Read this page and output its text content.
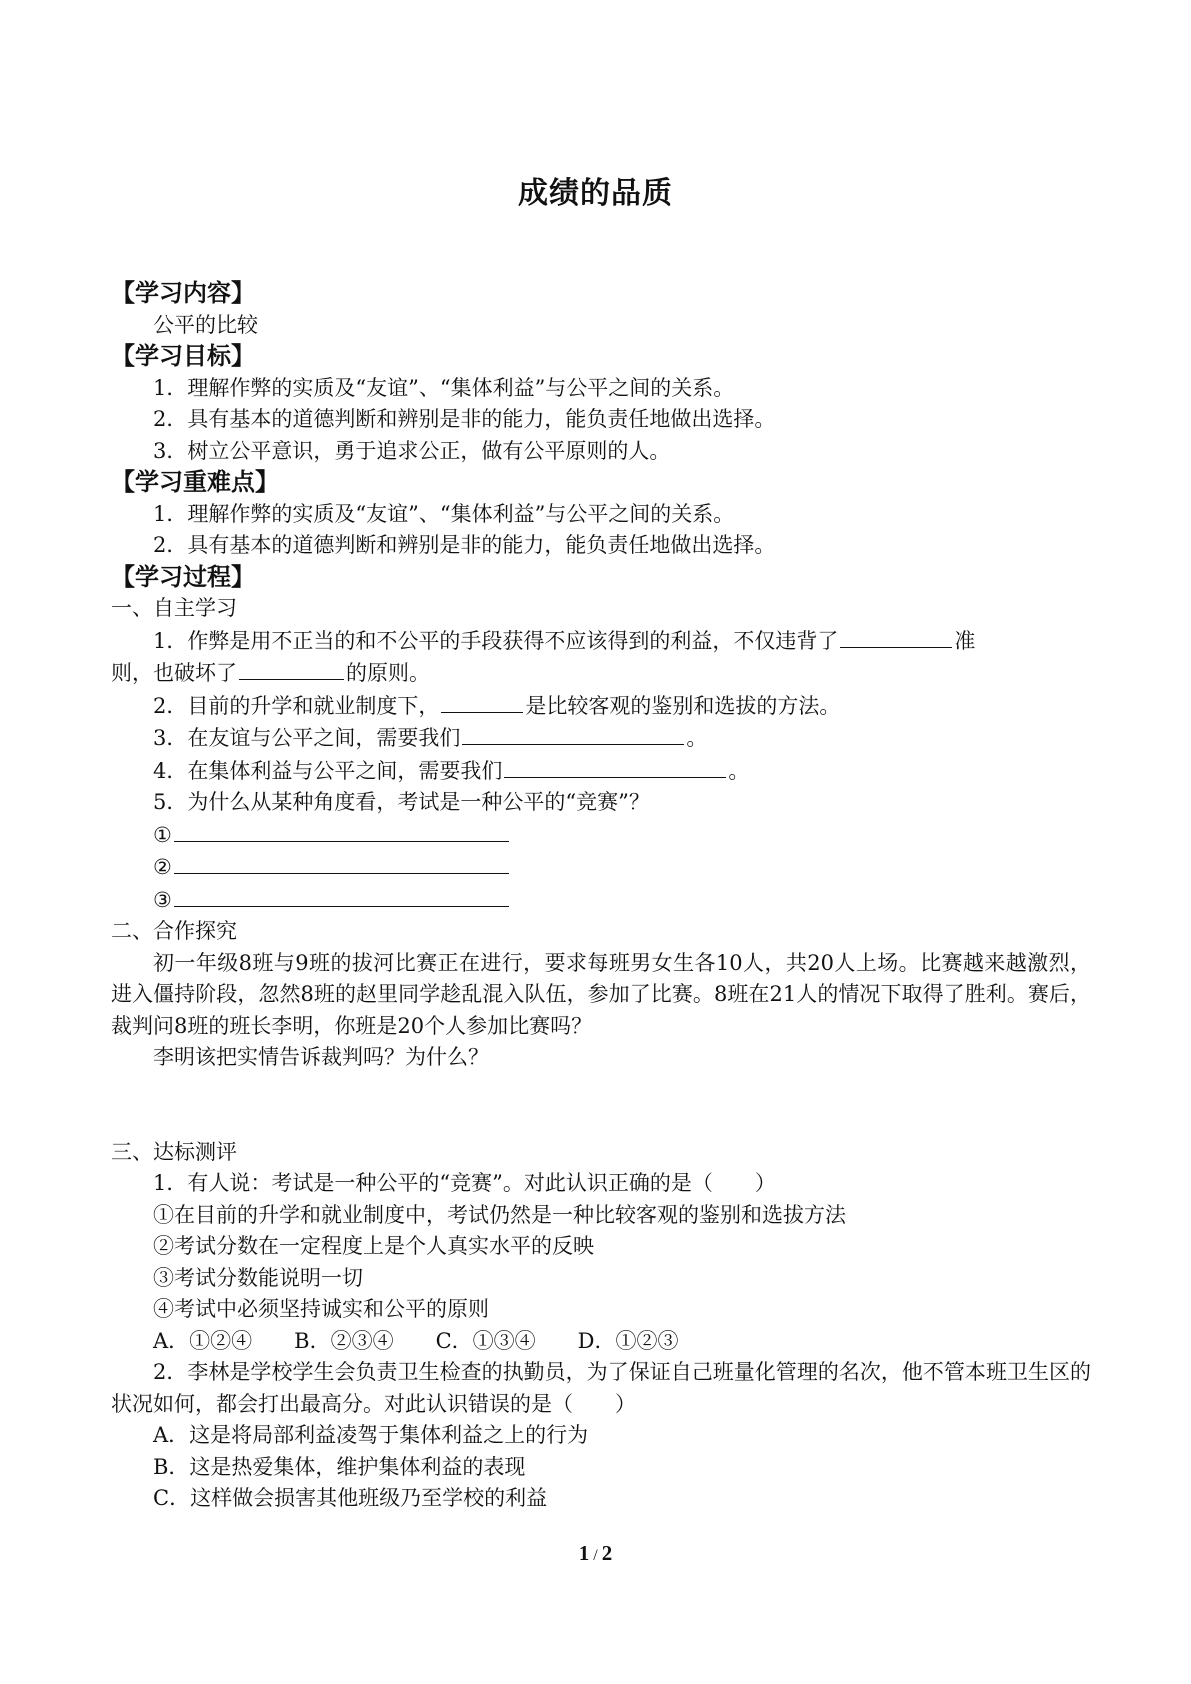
成绩的品质
【学习内容】
公平的比较
【学习目标】
1．理解作弊的实质及“友谊”、“集体利益”与公平之间的关系。
2．具有基本的道德判断和辨别是非的能力，能负责任地做出选择。
3．树立公平意识，勇于追求公正，做有公平原则的人。
【学习重难点】
1．理解作弊的实质及“友谊”、“集体利益”与公平之间的关系。
2．具有基本的道德判断和辨别是非的能力，能负责任地做出选择。
【学习过程】
一、自主学习
1．作弊是用不正当的和不公平的手段获得不应该得到的利益，不仅违背了	准
则，也破坏了	的原则。
2．目前的升学和就业制度下，	是比较客观的鉴别和选拔的方法。
3．在友谊与公平之间，需要我们	。
4．在集体利益与公平之间，需要我们	。
5．为什么从某种角度看，考试是一种公平的“竞赛”？
①
②
③
二、合作探究
初一年级8班与9班的拔河比赛正在进行，要求每班男女生各10人，共20人上场。比赛越来越激烈，进入僵持阶段，忽然8班的赵里同学趁乱混入队伍，参加了比赛。8班在21人的情况下取得了胜利。赛后，裁判问8班的班长李明，你班是20个人参加比赛吗？
李明该把实情告诉裁判吗？为什么？
三、达标测评
1．有人说：考试是一种公平的“竞赛”。对此认识正确的是（　　）
①在目前的升学和就业制度中，考试仍然是一种比较客观的鉴别和选拔方法
②考试分数在一定程度上是个人真实水平的反映
③考试分数能说明一切
④考试中必须坚持诚实和公平的原则
A．①②④　　B．②③④　　C．①③④　　D．①②③
2．李林是学校学生会负责卫生检查的执勤员，为了保证自己班量化管理的名次，他不管本班卫生区的状况如何，都会打出最高分。对此认识错误的是（　　）
A．这是将局部利益凌驾于集体利益之上的行为
B．这是热爱集体，维护集体利益的表现
C．这样做会损害其他班级乃至学校的利益
1 / 2
